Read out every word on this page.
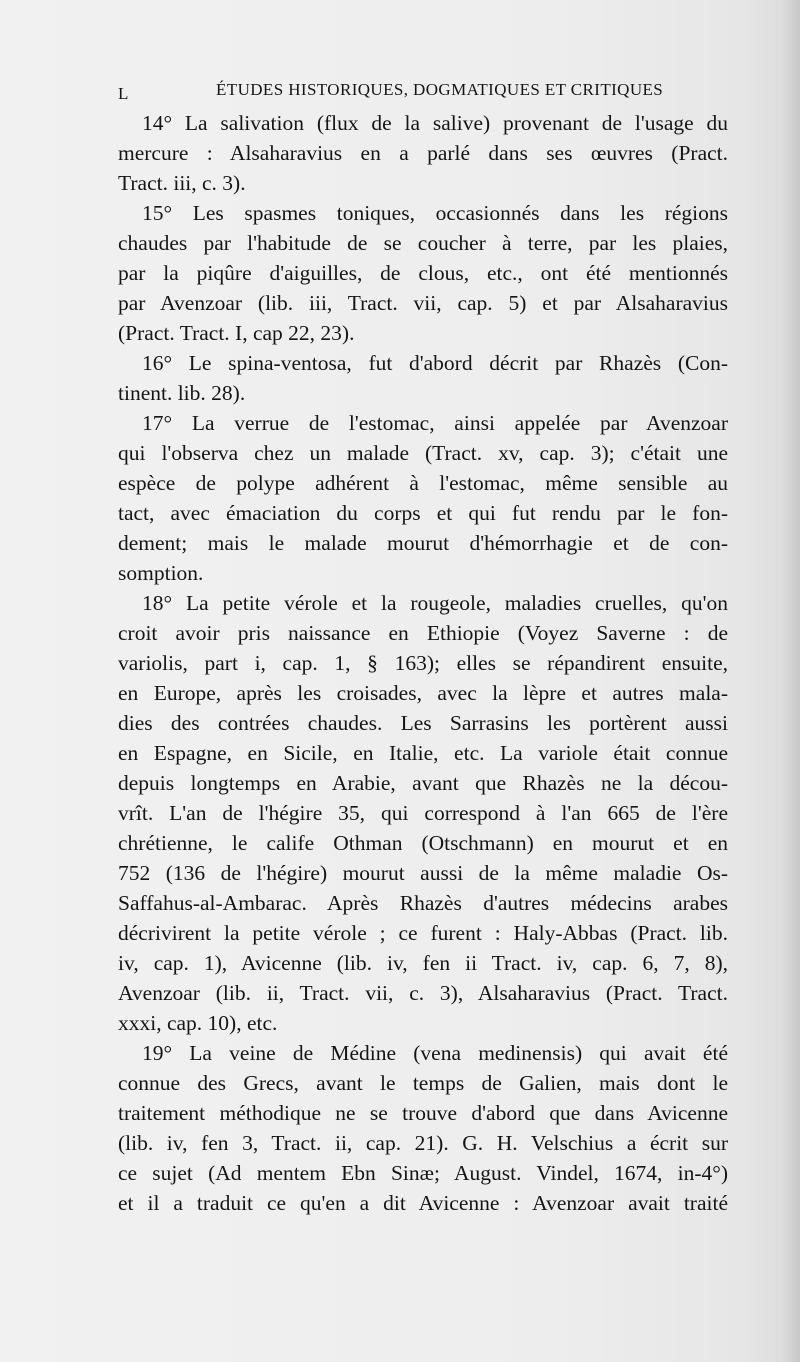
L	ÉTUDES HISTORIQUES, DOGMATIQUES ET CRITIQUES
14° La salivation (flux de la salive) provenant de l'usage du
mercure : Alsaharavius en a parlé dans ses œuvres (Pract.
Tract. iii, c. 3).
15° Les spasmes toniques, occasionnés dans les régions
chaudes par l'habitude de se coucher à terre, par les plaies,
par la piqûre d'aiguilles, de clous, etc., ont été mentionnés
par Avenzoar (lib. iii, Tract. vii, cap. 5) et par Alsaharavius
(Pract. Tract. I, cap 22, 23).
16° Le spina-ventosa, fut d'abord décrit par Rhazès (Con-
tinent. lib. 28).
17° La verrue de l'estomac, ainsi appelée par Avenzoar
qui l'observa chez un malade (Tract. xv, cap. 3); c'était une
espèce de polype adhérent à l'estomac, même sensible au
tact, avec émaciation du corps et qui fut rendu par le fon-
dement; mais le malade mourut d'hémorrhagie et de con-
somption.
18° La petite vérole et la rougeole, maladies cruelles, qu'on
croit avoir pris naissance en Ethiopie (Voyez Saverne : de
variolis, part i, cap. 1, § 163); elles se répandirent ensuite,
en Europe, après les croisades, avec la lèpre et autres mala-
dies des contrées chaudes. Les Sarrasins les portèrent aussi
en Espagne, en Sicile, en Italie, etc. La variole était connue
depuis longtemps en Arabie, avant que Rhazès ne la décou-
vrît. L'an de l'hégire 35, qui correspond à l'an 665 de l'ère
chrétienne, le calife Othman (Otschmann) en mourut et en
752 (136 de l'hégire) mourut aussi de la même maladie Os-
Saffahus-al-Ambarac. Après Rhazès d'autres médecins arabes
décrivirent la petite vérole ; ce furent : Haly-Abbas (Pract. lib.
iv, cap. 1), Avicenne (lib. iv, fen ii Tract. iv, cap. 6, 7, 8),
Avenzoar (lib. ii, Tract. vii, c. 3), Alsaharavius (Pract. Tract.
xxxi, cap. 10), etc.
19° La veine de Médine (vena medinensis) qui avait été
connue des Grecs, avant le temps de Galien, mais dont le
traitement méthodique ne se trouve d'abord que dans Avicenne
(lib. iv, fen 3, Tract. ii, cap. 21). G. H. Velschius a écrit sur
ce sujet (Ad mentem Ebn Sinæ; August. Vindel, 1674, in-4°)
et il a traduit ce qu'en a dit Avicenne : Avenzoar avait traité
